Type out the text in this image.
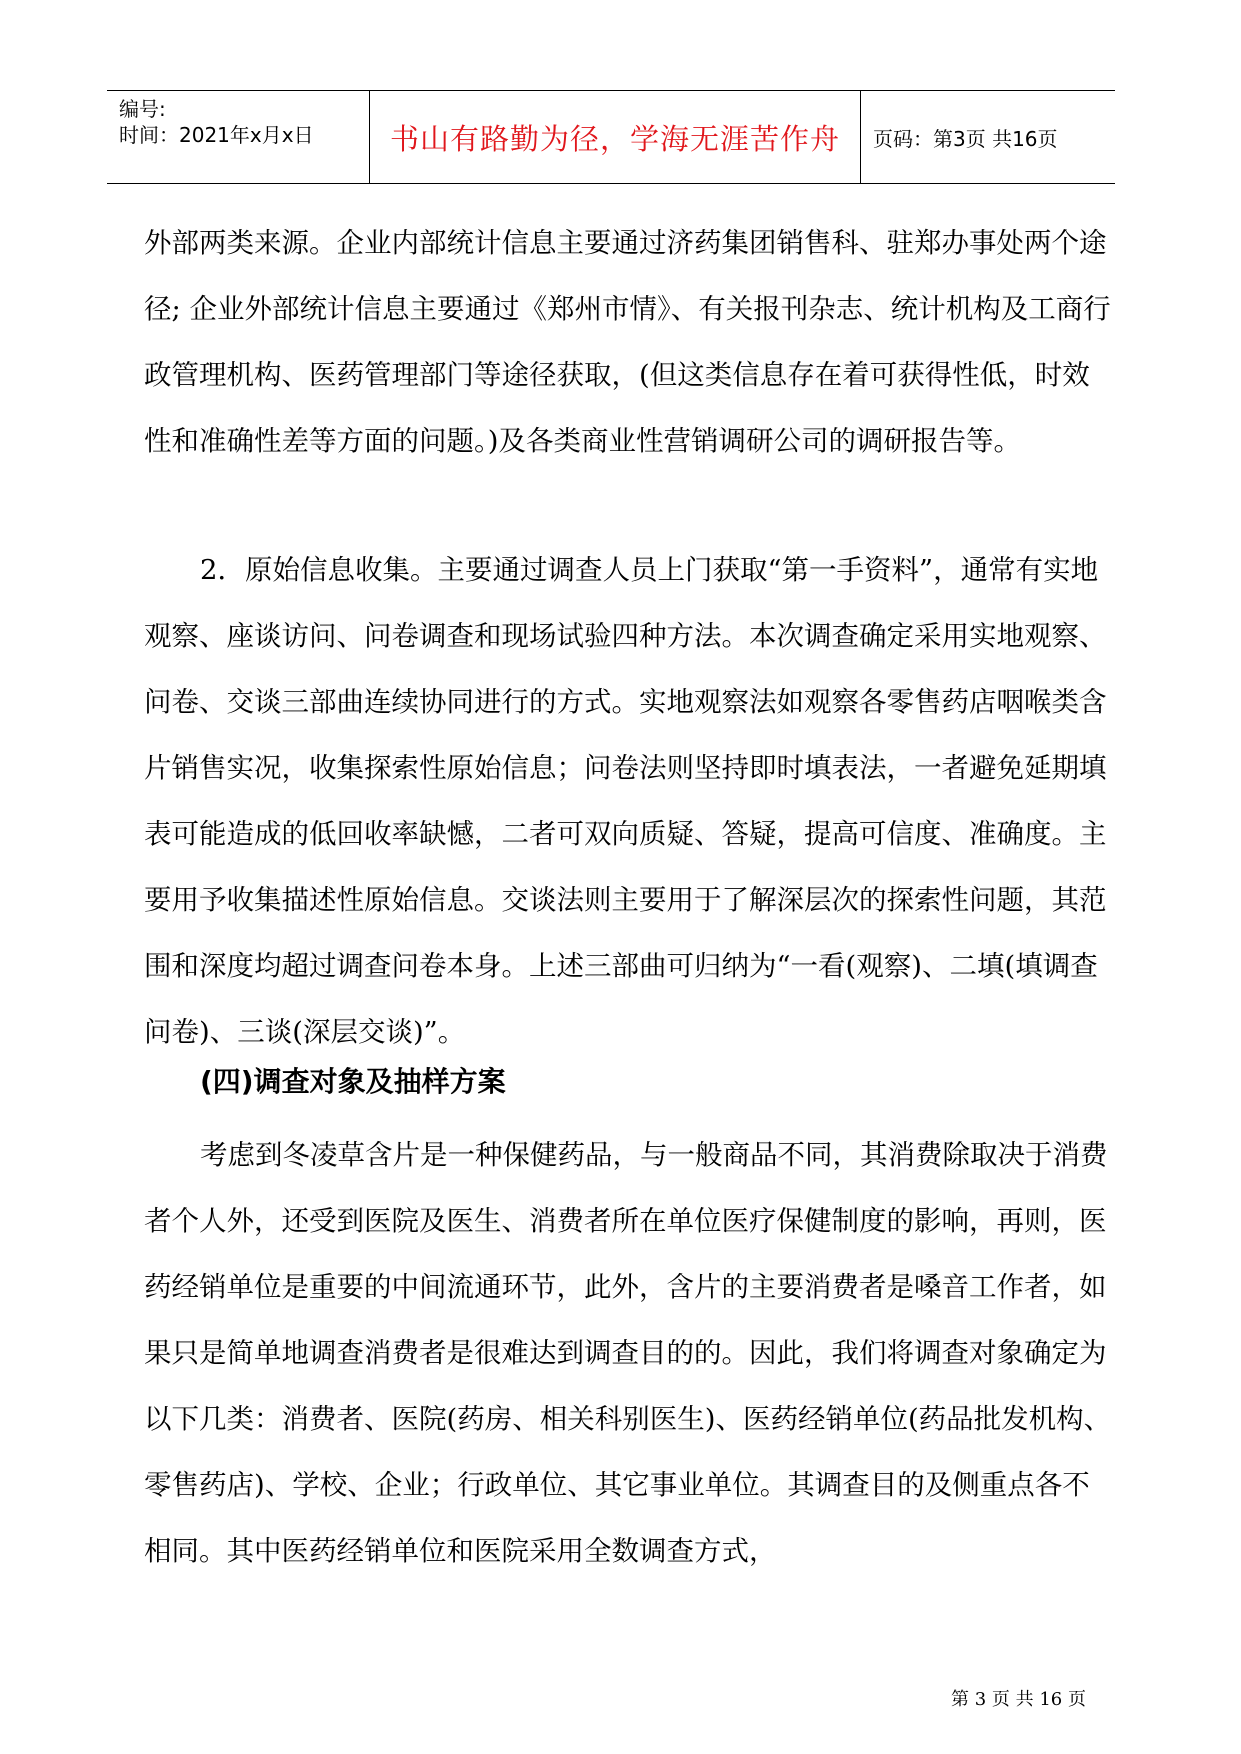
编号:
时间：2021年x月x日	书山有路勤为径，学海无涯苦作舟	页码：第3页 共16页

外部两类来源。企业内部统计信息主要通过济药集团销售科、驻郑办事处两个途径; 企业外部统计信息主要通过《郑州市情》、有关报刊杂志、统计机构及工商行政管理机构、医药管理部门等途径获取，(但这类信息存在着可获得性低，时效性和准确性差等方面的问题。)及各类商业性营销调研公司的调研报告等。

2．原始信息收集。主要通过调查人员上门获取“第一手资料”，通常有实地观察、座谈访问、问卷调查和现场试验四种方法。本次调查确定采用实地观察、问卷、交谈三部曲连续协同进行的方式。实地观察法如观察各零售药店咽喉类含片销售实况，收集探索性原始信息；问卷法则坚持即时填表法，一者避免延期填表可能造成的低回收率缺憾，二者可双向质疑、答疑，提高可信度、准确度。主要用予收集描述性原始信息。交谈法则主要用于了解深层次的探索性问题，其范围和深度均超过调查问卷本身。上述三部曲可归纳为“一看(观察)、二填(填调查问卷)、三谈(深层交谈)”。

(四)调查对象及抽样方案

考虑到冬凌草含片是一种保健药品，与一般商品不同，其消费除取决于消费者个人外，还受到医院及医生、消费者所在单位医疗保健制度的影响，再则，医药经销单位是重要的中间流通环节，此外，含片的主要消费者是嗓音工作者，如果只是简单地调查消费者是很难达到调查目的的。因此，我们将调查对象确定为以下几类：消费者、医院(药房、相关科别医生)、医药经销单位(药品批发机构、零售药店)、学校、企业；行政单位、其它事业单位。其调查目的及侧重点各不相同。其中医药经销单位和医院采用全数调查方式，

第 3 页 共 16 页
